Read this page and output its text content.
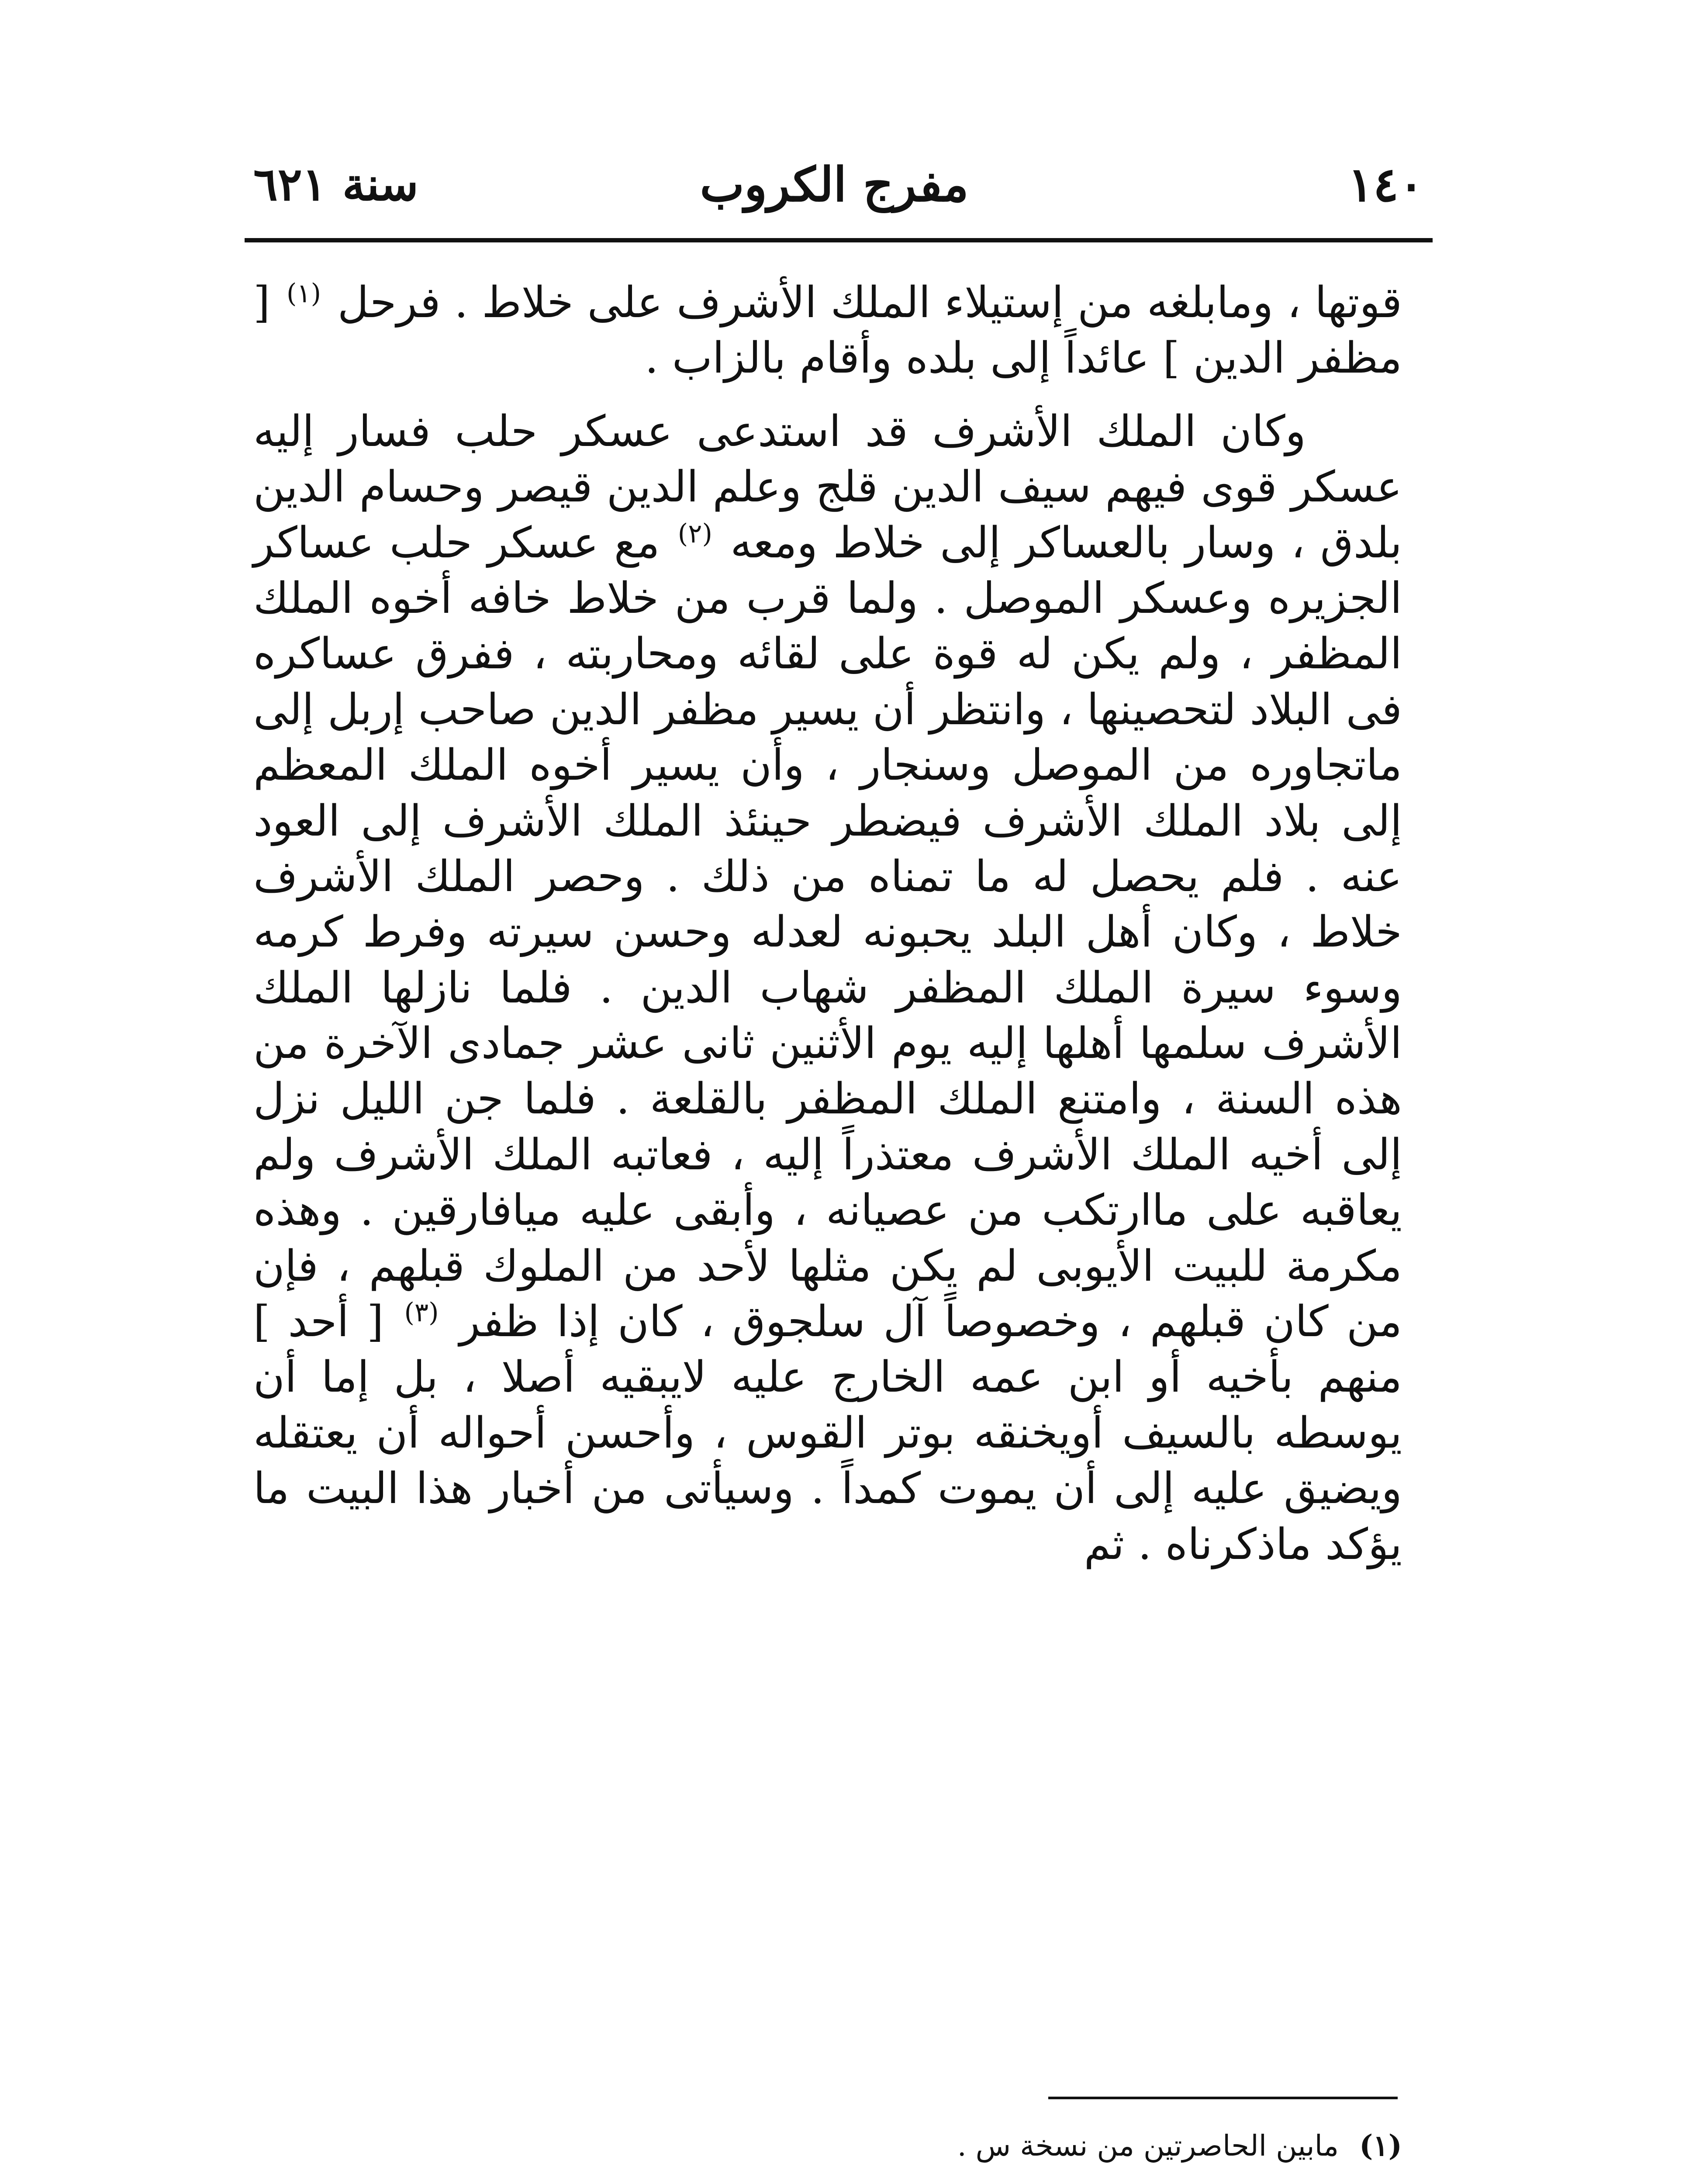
١٤٠
مفرج الكروب
سنة ٦٢١

قوتها ، ومابلغه من إستيلاء الملك الأشرف على خلاط . فرحل $^{(١)}$ [ مظفر الدين ] عائداً إلى بلده وأقام بالزاب .

وكان الملك الأشرف قد استدعى عسكر حلب فسار إليه عسكر قوى فيهم سيف الدين قلج وعلم الدين قيصر وحسام الدين بلدق ، وسار بالعساكر إلى خلاط ومعه $^{(٢)}$ مع عسكر حلب عساكر الجزيره وعسكر الموصل . ولما قرب من خلاط خافه أخوه الملك المظفر ، ولم يكن له قوة على لقائه ومحاربته ، ففرق عساكره فى البلاد لتحصينها ، وانتظر أن يسير مظفر الدين صاحب إربل إلى ماتجاوره من الموصل وسنجار ، وأن يسير أخوه الملك المعظم إلى بلاد الملك الأشرف فيضطر حينئذ الملك الأشرف إلى العود عنه . فلم يحصل له ما تمناه من ذلك . وحصر الملك الأشرف خلاط ، وكان أهل البلد يحبونه لعدله وحسن سيرته وفرط كرمه وسوء سيرة الملك المظفر شهاب الدين . فلما نازلها الملك الأشرف سلمها أهلها إليه يوم الأثنين ثانى عشر جمادى الآخرة من هذه السنة ، وامتنع الملك المظفر بالقلعة . فلما جن الليل نزل إلى أخيه الملك الأشرف معتذراً إليه ، فعاتبه الملك الأشرف ولم يعاقبه على ماارتكب من عصيانه ، وأبقى عليه ميافارقين . وهذه مكرمة للبيت الأيوبى لم يكن مثلها لأحد من الملوك قبلهم ، فإن من كان قبلهم ، وخصوصاً آل سلجوق ، كان إذا ظفر $^{(٣)}$ [ أحد ] منهم بأخيه أو ابن عمه الخارج عليه لايبقيه أصلا ، بل إما أن يوسطه بالسيف أويخنقه بوتر القوس ، وأحسن أحواله أن يعتقله ويضيق عليه إلى أن يموت كمداً . وسيأتى من أخبار هذا البيت ما يؤكد ماذكرناه . ثم

(١) مابين الحاصرتين من نسخة س .
